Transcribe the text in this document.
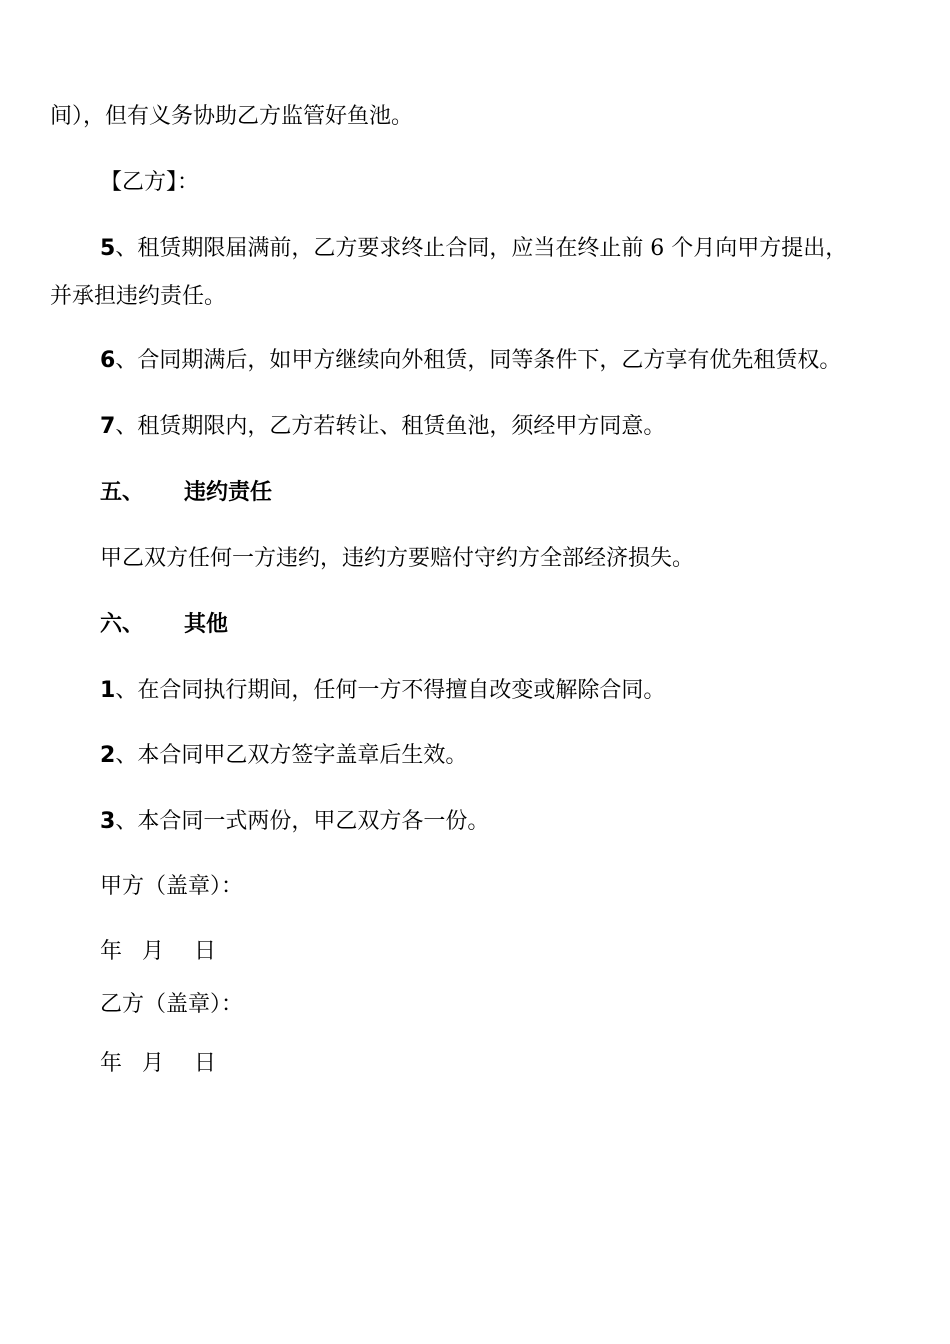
间），但有义务协助乙方监管好鱼池。
【乙方】：
5、租赁期限届满前，乙方要求终止合同，应当在终止前 6 个月向甲方提出，
并承担违约责任。
6、合同期满后，如甲方继续向外租赁，同等条件下，乙方享有优先租赁权。
7、租赁期限内，乙方若转让、租赁鱼池，须经甲方同意。
五、 违约责任
甲乙双方任何一方违约，违约方要赔付守约方全部经济损失。
六、 其他
1、在合同执行期间，任何一方不得擅自改变或解除合同。
2、本合同甲乙双方签字盖章后生效。
3、本合同一式两份，甲乙双方各一份。
甲方（盖章）：
年 月 日
乙方（盖章）：
年 月 日
